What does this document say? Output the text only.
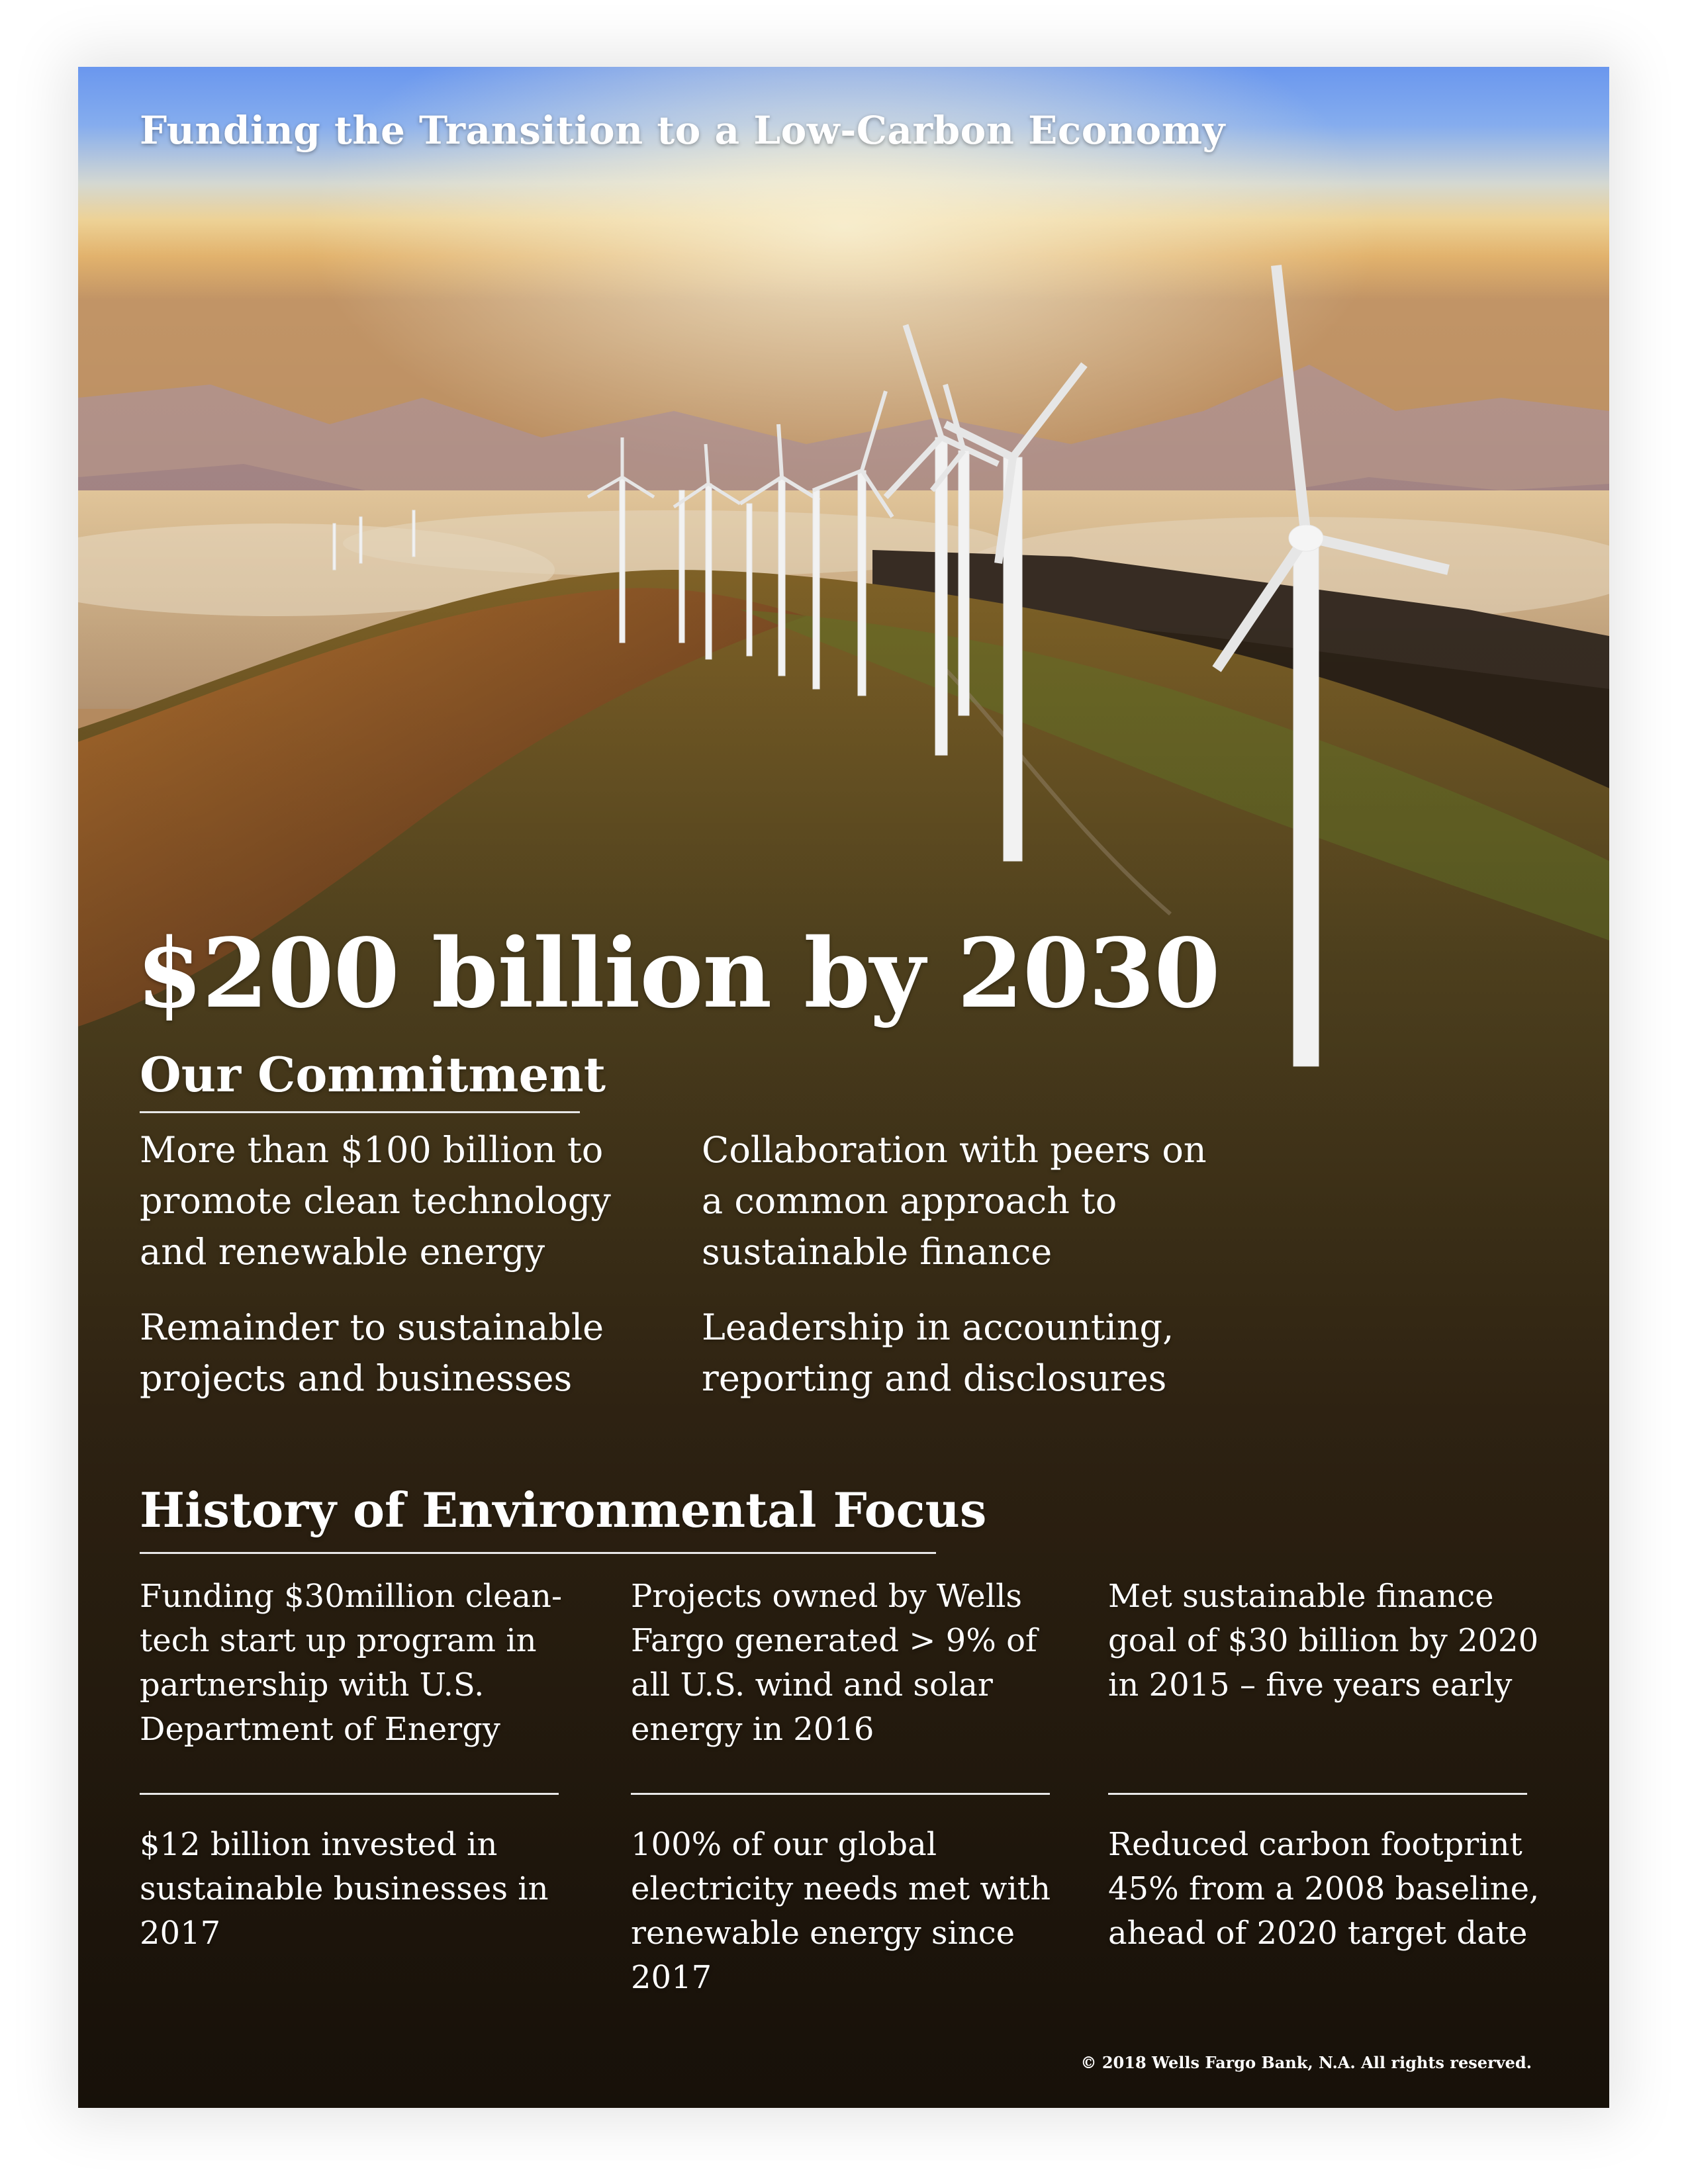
Funding the Transition to a Low-Carbon Economy
$200 billion by 2030
Our Commitment
More than $100 billion to promote clean technology and renewable energy
Collaboration with peers on a common approach to sustainable finance
Remainder to sustainable projects and businesses
Leadership in accounting, reporting and disclosures
History of Environmental Focus
Funding $30million clean-tech start up program in partnership with U.S. Department of Energy
Projects owned by Wells Fargo generated > 9% of all U.S. wind and solar energy in 2016
Met sustainable finance goal of $30 billion by 2020 in 2015 – five years early
$12 billion invested in sustainable businesses in 2017
100% of our global electricity needs met with renewable energy since 2017
Reduced carbon footprint 45% from a 2008 baseline, ahead of 2020 target date
© 2018 Wells Fargo Bank, N.A. All rights reserved.
